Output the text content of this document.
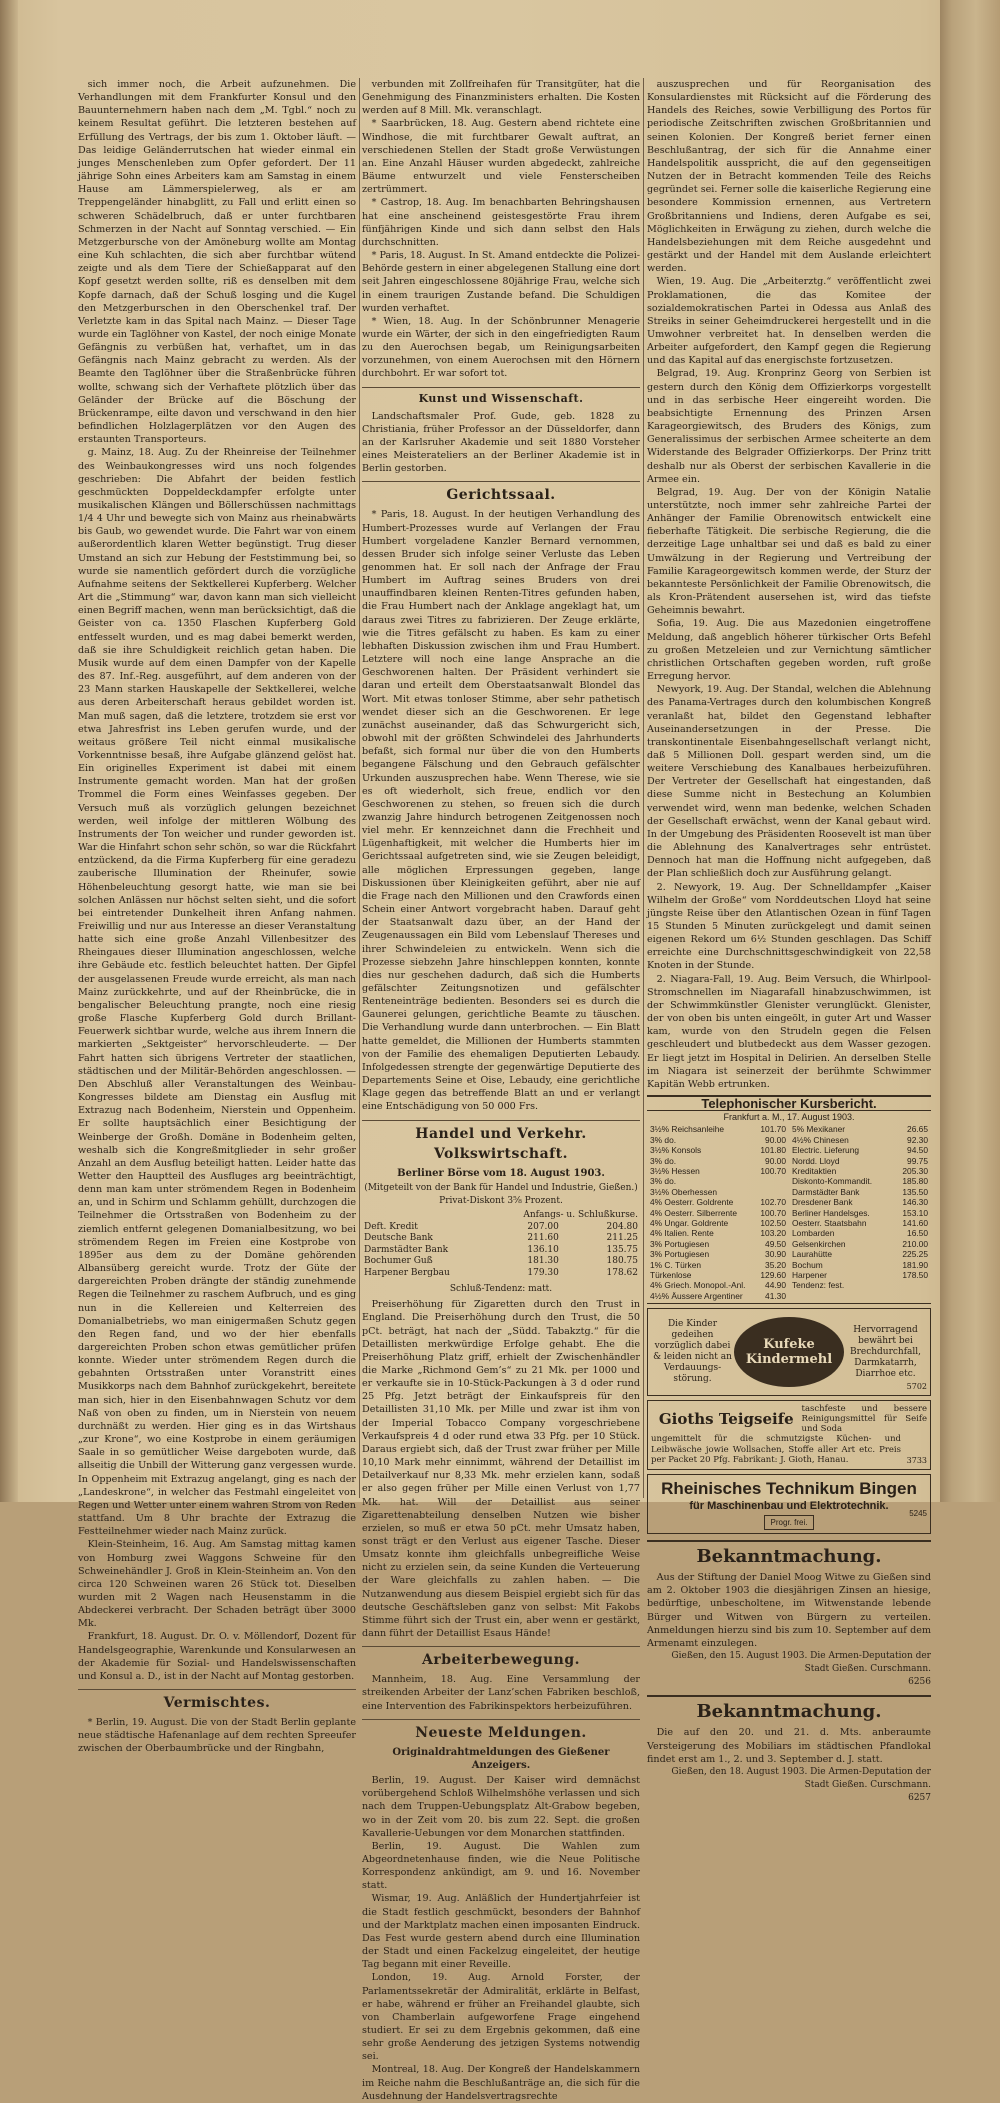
sich immer noch, die Arbeit aufzunehmen. Die Verhandlungen mit dem Frankfurter Konsul und den Bauunternehmern haben nach dem „M. Tgbl.“ noch zu keinem Resultat geführt. Die letzteren bestehen auf Erfüllung des Vertrags, der bis zum 1. Oktober läuft. — Das leidige Geländerrutschen hat wieder einmal ein junges Menschenleben zum Opfer gefordert. Der 11 jährige Sohn eines Arbeiters kam am Samstag in einem Hause am Lämmerspielerweg, als er am Treppengeländer hinabglitt, zu Fall und erlitt einen so schweren Schädelbruch, daß er unter furchtbaren Schmerzen in der Nacht auf Sonntag verschied. — Ein Metzgerbursche von der Amöneburg wollte am Montag eine Kuh schlachten, die sich aber furchtbar wütend zeigte und als dem Tiere der Schießapparat auf den Kopf gesetzt werden sollte, riß es denselben mit dem Kopfe darnach, daß der Schuß losging und die Kugel den Metzgerburschen in den Oberschenkel traf. Der Verletzte kam in das Spital nach Mainz. — Dieser Tage wurde ein Taglöhner von Kastel, der noch einige Monate Gefängnis zu verbüßen hat, verhaftet, um in das Gefängnis nach Mainz gebracht zu werden. Als der Beamte den Taglöhner über die Straßenbrücke führen wollte, schwang sich der Verhaftete plötzlich über das Geländer der Brücke auf die Böschung der Brückenrampe, eilte davon und verschwand in den hier befindlichen Holzlagerplätzen vor den Augen des erstaunten Transporteurs.

g. Mainz, 18. Aug. Zu der Rheinreise der Teilnehmer des Weinbaukongresses wird uns noch folgendes geschrieben: Die Abfahrt der beiden festlich geschmückten Doppeldeckdampfer erfolgte unter musikalischen Klängen und Böllerschüssen nachmittags 1/4 4 Uhr und bewegte sich von Mainz aus rheinabwärts bis Gaub, wo gewendet wurde. Die Fahrt war von einem außerordentlich klaren Wetter begünstigt. Trug dieser Umstand an sich zur Hebung der Feststimmung bei, so wurde sie namentlich gefördert durch die vorzügliche Aufnahme seitens der Sektkellerei Kupferberg. Welcher Art die „Stimmung“ war, davon kann man sich vielleicht einen Begriff machen, wenn man berücksichtigt, daß die Geister von ca. 1350 Flaschen Kupferberg Gold entfesselt wurden, und es mag dabei bemerkt werden, daß sie ihre Schuldigkeit reichlich getan haben. Die Musik wurde auf dem einen Dampfer von der Kapelle des 87. Inf.-Reg. ausgeführt, auf dem anderen von der 23 Mann starken Hauskapelle der Sektkellerei, welche aus deren Arbeiterschaft heraus gebildet worden ist. Man muß sagen, daß die letztere, trotzdem sie erst vor etwa Jahresfrist ins Leben gerufen wurde, und der weitaus größere Teil nicht einmal musikalische Vorkenntnisse besaß, ihre Aufgabe glänzend gelöst hat. Ein originelles Experiment ist dabei mit einem Instrumente gemacht worden. Man hat der großen Trommel die Form eines Weinfasses gegeben. Der Versuch muß als vorzüglich gelungen bezeichnet werden, weil infolge der mittleren Wölbung des Instruments der Ton weicher und runder geworden ist. War die Hinfahrt schon sehr schön, so war die Rückfahrt entzückend, da die Firma Kupferberg für eine geradezu zauberische Illumination der Rheinufer, sowie Höhenbeleuchtung gesorgt hatte, wie man sie bei solchen Anlässen nur höchst selten sieht, und die sofort bei eintretender Dunkelheit ihren Anfang nahmen. Freiwillig und nur aus Interesse an dieser Veranstaltung hatte sich eine große Anzahl Villenbesitzer des Rheingaues dieser Illumination angeschlossen, welche ihre Gebäude etc. festlich beleuchtet hatten. Der Gipfel der ausgelassenen Freude wurde erreicht, als man nach Mainz zurückkehrte, und auf der Rheinbrücke, die in bengalischer Beleuchtung prangte, noch eine riesig große Flasche Kupferberg Gold durch Brillant-Feuerwerk sichtbar wurde, welche aus ihrem Innern die markierten „Sektgeister“ hervorschleuderte. — Der Fahrt hatten sich übrigens Vertreter der staatlichen, städtischen und der Militär-Behörden angeschlossen. — Den Abschluß aller Veranstaltungen des Weinbau-Kongresses bildete am Dienstag ein Ausflug mit Extrazug nach Bodenheim, Nierstein und Oppenheim. Er sollte hauptsächlich einer Besichtigung der Weinberge der Großh. Domäne in Bodenheim gelten, weshalb sich die Kongreßmitglieder in sehr großer Anzahl an dem Ausflug beteiligt hatten. Leider hatte das Wetter den Hauptteil des Ausfluges arg beeinträchtigt, denn man kam unter strömendem Regen in Bodenheim an, und in Schirm und Schlamm gehüllt, durchzogen die Teilnehmer die Ortsstraßen von Bodenheim zu der ziemlich entfernt gelegenen Domanialbesitzung, wo bei strömendem Regen im Freien eine Kostprobe von 1895er aus dem zu der Domäne gehörenden Albansüberg gereicht wurde. Trotz der Güte der dargereichten Proben drängte der ständig zunehmende Regen die Teilnehmer zu raschem Aufbruch, und es ging nun in die Kellereien und Kelterreien des Domanialbetriebs, wo man einigermaßen Schutz gegen den Regen fand, und wo der hier ebenfalls dargereichten Proben schon etwas gemütlicher prüfen konnte. Wieder unter strömendem Regen durch die gebahnten Ortsstraßen unter Voranstritt eines Musikkorps nach dem Bahnhof zurückgekehrt, bereitete man sich, hier in den Eisenbahnwagen Schutz vor dem Naß von oben zu finden, um in Nierstein von neuem durchnäßt zu werden. Hier ging es in das Wirtshaus „zur Krone“, wo eine Kostprobe in einem geräumigen Saale in so gemütlicher Weise dargeboten wurde, daß allseitig die Unbill der Witterung ganz vergessen wurde. In Oppenheim mit Extrazug angelangt, ging es nach der „Landeskrone“, in welcher das Festmahl eingeleitet von Regen und Wetter unter einem wahren Strom von Reden stattfand. Um 8 Uhr brachte der Extrazug die Festteilnehmer wieder nach Mainz zurück.

Klein-Steinheim, 16. Aug. Am Samstag mittag kamen von Homburg zwei Waggons Schweine für den Schweinehändler J. Groß in Klein-Steinheim an. Von den circa 120 Schweinen waren 26 Stück tot. Dieselben wurden mit 2 Wagen nach Heusenstamm in die Abdeckerei verbracht. Der Schaden beträgt über 3000 Mk.

Frankfurt, 18. August. Dr. O. v. Möllendorf, Dozent für Handelsgeographie, Warenkunde und Konsularwesen an der Akademie für Sozial- und Handelswissenschaften und Konsul a. D., ist in der Nacht auf Montag gestorben.

Vermischtes.

* Berlin, 19. August. Die von der Stadt Berlin geplante neue städtische Hafenanlage auf dem rechten Spreeufer zwischen der Oberbaumbrücke und der Ringbahn,

verbunden mit Zollfreihafen für Transitgüter, hat die Genehmigung des Finanzministers erhalten. Die Kosten werden auf 8 Mill. Mk. veranschlagt.

* Saarbrücken, 18. Aug. Gestern abend richtete eine Windhose, die mit furchtbarer Gewalt auftrat, an verschiedenen Stellen der Stadt große Verwüstungen an. Eine Anzahl Häuser wurden abgedeckt, zahlreiche Bäume entwurzelt und viele Fensterscheiben zertrümmert.

* Castrop, 18. Aug. Im benachbarten Behringshausen hat eine anscheinend geistesgestörte Frau ihrem fünfjährigen Kinde und sich dann selbst den Hals durchschnitten.

* Paris, 18. August. In St. Amand entdeckte die Polizei-Behörde gestern in einer abgelegenen Stallung eine dort seit Jahren eingeschlossene 80jährige Frau, welche sich in einem traurigen Zustande befand. Die Schuldigen wurden verhaftet.

* Wien, 18. Aug. In der Schönbrunner Menagerie wurde ein Wärter, der sich in den eingefriedigten Raum zu den Auerochsen begab, um Reinigungsarbeiten vorzunehmen, von einem Auerochsen mit den Hörnern durchbohrt. Er war sofort tot.

Kunst und Wissenschaft.

Landschaftsmaler Prof. Gude, geb. 1828 zu Christiania, früher Professor an der Düsseldorfer, dann an der Karlsruher Akademie und seit 1880 Vorsteher eines Meisterateliers an der Berliner Akademie ist in Berlin gestorben.

Gerichtssaal.

* Paris, 18. August. In der heutigen Verhandlung des Humbert-Prozesses wurde auf Verlangen der Frau Humbert vorgeladene Kanzler Bernard vernommen, dessen Bruder sich infolge seiner Verluste das Leben genommen hat. Er soll nach der Anfrage der Frau Humbert im Auftrag seines Bruders von drei unauffindbaren kleinen Renten-Titres gefunden haben, die Frau Humbert nach der Anklage angeklagt hat, um daraus zwei Titres zu fabrizieren. Der Zeuge erklärte, wie die Titres gefälscht zu haben. Es kam zu einer lebhaften Diskussion zwischen ihm und Frau Humbert. Letztere will noch eine lange Ansprache an die Geschworenen halten. Der Präsident verhindert sie daran und erteilt dem Oberstaatsanwalt Blondel das Wort. Mit etwas tonloser Stimme, aber sehr pathetisch wendet dieser sich an die Geschworenen. Er lege zunächst auseinander, daß das Schwurgericht sich, obwohl mit der größten Schwindelei des Jahrhunderts befaßt, sich formal nur über die von den Humberts begangene Fälschung und den Gebrauch gefälschter Urkunden auszusprechen habe. Wenn Therese, wie sie es oft wiederholt, sich freue, endlich vor den Geschworenen zu stehen, so freuen sich die durch zwanzig Jahre hindurch betrogenen Zeitgenossen noch viel mehr. Er kennzeichnet dann die Frechheit und Lügenhaftigkeit, mit welcher die Humberts hier im Gerichtssaal aufgetreten sind, wie sie Zeugen beleidigt, alle möglichen Erpressungen gegeben, lange Diskussionen über Kleinigkeiten geführt, aber nie auf die Frage nach den Millionen und den Crawfords einen Schein einer Antwort vorgebracht haben. Darauf geht der Staatsanwalt dazu über, an der Hand der Zeugenaussagen ein Bild vom Lebenslauf Thereses und ihrer Schwindeleien zu entwickeln. Wenn sich die Prozesse siebzehn Jahre hinschleppen konnten, konnte dies nur geschehen dadurch, daß sich die Humberts gefälschter Zeitungsnotizen und gefälschter Renteneinträge bedienten. Besonders sei es durch die Gaunerei gelungen, gerichtliche Beamte zu täuschen. Die Verhandlung wurde dann unterbrochen. — Ein Blatt hatte gemeldet, die Millionen der Humberts stammten von der Familie des ehemaligen Deputierten Lebaudy. Infolgedessen strengte der gegenwärtige Deputierte des Departements Seine et Oise, Lebaudy, eine gerichtliche Klage gegen das betreffende Blatt an und er verlangt eine Entschädigung von 50 000 Frs.

Handel und Verkehr. Volkswirtschaft.
Berliner Börse vom 18. August 1903.
(Mitgeteilt von der Bank für Handel und Industrie, Gießen.) Privat-Diskont 3⅝ Prozent.
	Anfangs- u. Schlußkurse.	
Deft. Kredit	207.00	204.80
Deutsche Bank	211.60	211.25
Darmstädter Bank	136.10	135.75
Bochumer Guß	181.30	180.75
Harpener Bergbau	179.30	178.62
Schluß-Tendenz: matt.

Preiserhöhung für Zigaretten durch den Trust in England. Die Preiserhöhung durch den Trust, die 50 pCt. beträgt, hat nach der „Südd. Tabakztg.“ für die Detaillisten merkwürdige Erfolge gehabt. Ehe die Preiserhöhung Platz griff, erhielt der Zwischenhändler die Marke „Richmond Gem’s“ zu 21 Mk. per 1000 und er verkaufte sie in 10-Stück-Packungen à 3 d oder rund 25 Pfg. Jetzt beträgt der Einkaufspreis für den Detaillisten 31,10 Mk. per Mille und zwar ist ihm von der Imperial Tobacco Company vorgeschriebene Verkaufspreis 4 d oder rund etwa 33 Pfg. per 10 Stück. Daraus ergiebt sich, daß der Trust zwar früher per Mille 10,10 Mark mehr einnimmt, während der Detaillist im Detailverkauf nur 8,33 Mk. mehr erzielen kann, sodaß er also gegen früher per Mille einen Verlust von 1,77 Mk. hat. Will der Detaillist aus seiner Zigarettenabteilung denselben Nutzen wie bisher erzielen, so muß er etwa 50 pCt. mehr Umsatz haben, sonst trägt er den Verlust aus eigener Tasche. Dieser Umsatz konnte ihm gleichfalls unbegreifliche Weise nicht zu erzielen sein, da seine Kunden die Verteuerung der Ware gleichfalls zu zahlen haben. — Die Nutzanwendung aus diesem Beispiel ergiebt sich für das deutsche Geschäftsleben ganz von selbst: Mit Fakobs Stimme führt sich der Trust ein, aber wenn er gestärkt, dann führt der Detaillist Esaus Hände!

Arbeiterbewegung.

Mannheim, 18. Aug. Eine Versammlung der streikenden Arbeiter der Lanz’schen Fabriken beschloß, eine Intervention des Fabrikinspektors herbeizuführen.

Neueste Meldungen.
Originaldrahtmeldungen des Gießener Anzeigers.

Berlin, 19. August. Der Kaiser wird demnächst vorübergehend Schloß Wilhelmshöhe verlassen und sich nach dem Truppen-Uebungsplatz Alt-Grabow begeben, wo in der Zeit vom 20. bis zum 22. Sept. die großen Kavallerie-Uebungen vor dem Monarchen stattfinden.

Berlin, 19. August. Die Wahlen zum Abgeordnetenhause finden, wie die Neue Politische Korrespondenz ankündigt, am 9. und 16. November statt.

Wismar, 19. Aug. Anläßlich der Hundertjahrfeier ist die Stadt festlich geschmückt, besonders der Bahnhof und der Marktplatz machen einen imposanten Eindruck. Das Fest wurde gestern abend durch eine Illumination der Stadt und einen Fackelzug eingeleitet, der heutige Tag begann mit einer Reveille.

London, 19. Aug. Arnold Forster, der Parlamentssekretär der Admiralität, erklärte in Belfast, er habe, während er früher an Freihandel glaubte, sich von Chamberlain aufgeworfene Frage eingehend studiert. Er sei zu dem Ergebnis gekommen, daß eine sehr große Aenderung des jetzigen Systems notwendig sei.

Montreal, 18. Aug. Der Kongreß der Handelskammern im Reiche nahm die Beschlußanträge an, die sich für die Ausdehnung der Handelsvertragsrechte

auszusprechen und für Reorganisation des Konsulardienstes mit Rücksicht auf die Förderung des Handels des Reiches, sowie Verbilligung des Portos für periodische Zeitschriften zwischen Großbritannien und seinen Kolonien. Der Kongreß beriet ferner einen Beschlußantrag, der sich für die Annahme einer Handelspolitik ausspricht, die auf den gegenseitigen Nutzen der in Betracht kommenden Teile des Reichs gegründet sei. Ferner solle die kaiserliche Regierung eine besondere Kommission ernennen, aus Vertretern Großbritanniens und Indiens, deren Aufgabe es sei, Möglichkeiten in Erwägung zu ziehen, durch welche die Handelsbeziehungen mit dem Reiche ausgedehnt und gestärkt und der Handel mit dem Auslande erleichtert werden.

Wien, 19. Aug. Die „Arbeiterztg.“ veröffentlicht zwei Proklamationen, die das Komitee der sozialdemokratischen Partei in Odessa aus Anlaß des Streiks in seiner Geheimdruckerei hergestellt und in die Umwohner verbreitet hat. In denselben werden die Arbeiter aufgefordert, den Kampf gegen die Regierung und das Kapital auf das energischste fortzusetzen.

Belgrad, 19. Aug. Kronprinz Georg von Serbien ist gestern durch den König dem Offizierkorps vorgestellt und in das serbische Heer eingereiht worden. Die beabsichtigte Ernennung des Prinzen Arsen Karageorgiewitsch, des Bruders des Königs, zum Generalissimus der serbischen Armee scheiterte an dem Widerstande des Belgrader Offizierkorps. Der Prinz tritt deshalb nur als Oberst der serbischen Kavallerie in die Armee ein.

Belgrad, 19. Aug. Der von der Königin Natalie unterstützte, noch immer sehr zahlreiche Partei der Anhänger der Familie Obrenowitsch entwickelt eine fieberhafte Tätigkeit. Die serbische Regierung, die die derzeitige Lage unhaltbar sei und daß es bald zu einer Umwälzung in der Regierung und Vertreibung der Familie Karageorgewitsch kommen werde, der Sturz der bekannteste Persönlichkeit der Familie Obrenowitsch, die als Kron-Prätendent ausersehen ist, wird das tiefste Geheimnis bewahrt.

Sofia, 19. Aug. Die aus Mazedonien eingetroffene Meldung, daß angeblich höherer türkischer Orts Befehl zu großen Metzeleien und zur Vernichtung sämtlicher christlichen Ortschaften gegeben worden, ruft große Erregung hervor.

Newyork, 19. Aug. Der Standal, welchen die Ablehnung des Panama-Vertrages durch den kolumbischen Kongreß veranlaßt hat, bildet den Gegenstand lebhafter Auseinandersetzungen in der Presse. Die transkontinentale Eisenbahngesellschaft verlangt nicht, daß 5 Millionen Doll. gespart werden sind, um die weitere Verschiebung des Kanalbaues herbeizuführen. Der Vertreter der Gesellschaft hat eingestanden, daß diese Summe nicht in Bestechung an Kolumbien verwendet wird, wenn man bedenke, welchen Schaden der Gesellschaft erwächst, wenn der Kanal gebaut wird. In der Umgebung des Präsidenten Roosevelt ist man über die Ablehnung des Kanalvertrages sehr entrüstet. Dennoch hat man die Hoffnung nicht aufgegeben, daß der Plan schließlich doch zur Ausführung gelangt.

2. Newyork, 19. Aug. Der Schnelldampfer „Kaiser Wilhelm der Große“ vom Norddeutschen Lloyd hat seine jüngste Reise über den Atlantischen Ozean in fünf Tagen 15 Stunden 5 Minuten zurückgelegt und damit seinen eigenen Rekord um 6½ Stunden geschlagen. Das Schiff erreichte eine Durchschnittsgeschwindigkeit von 22,58 Knoten in der Stunde.

2. Niagara-Fall, 19. Aug. Beim Versuch, die Whirlpool-Stromschnellen im Niagarafall hinabzuschwimmen, ist der Schwimmkünstler Glenister verunglückt. Glenister, der von oben bis unten eingeölt, in guter Art und Wasser kam, wurde von den Strudeln gegen die Felsen geschleudert und blutbedeckt aus dem Wasser gezogen. Er liegt jetzt im Hospital in Delirien. An derselben Stelle im Niagara ist seinerzeit der berühmte Schwimmer Kapitän Webb ertrunken.

Telephonischer Kursbericht.
Frankfurt a. M., 17. August 1903.
3½% Reichsanleihe	101.70
3% do.	90.00
3½% Konsols	101.80
3% do.	90.00
3½% Hessen	100.70
3% do.
3½% Oberhessen
4% Oesterr. Goldrente	102.70
4% Oesterr. Silberrente	100.70
4% Ungar. Goldrente	102.50
4% Italien. Rente	103.20
3% Portugiesen	49.50
3% Portugiesen	30.90
1% C. Türken	35.20
Türkenlose	129.60
4% Griech. Monopol.-Anl. 44.90
4½% Äussere Argentiner	41.30
5% Mexikaner	26.65
4½% Chinesen	92.30
Electric. Lieferung	94.50
Nordd. Lloyd	99.75
Kreditaktien	205.30
Diskonto-Kommandit.	185.80
Darmstädter Bank	135.50
Dresdener Bank	146.30
Berliner Handelsges.	153.10
Oesterr. Staatsbahn	141.60
Lombarden	16.50
Gelsenkirchen	210.00
Laurahütte	225.25
Bochum	181.90
Harpener	178.50
Tendenz: fest.
Die Kinder gedeihen vorzüglich dabei & leiden nicht an Verdauungs-störung.
Kufeke Kindermehl
Hervorragend bewährt bei Brechdurchfall, Darmkatarrh, Diarrhoe etc.
5702
Gioths Teigseife
taschfeste und bessere Reinigungsmittel für Seife und Soda
ungemittelt für die schmutzigste Küchen- und Leibwäsche jowie Wollsachen, Stoffe aller Art etc. Preis per Packet 20 Pfg. Fabrikant: J. Gioth, Hanau.	3733
Rheinisches Technikum Bingen
für Maschinenbau und Elektrotechnik.
Progr. frei.
5245
Bekanntmachung.

Aus der Stiftung der Daniel Moog Witwe zu Gießen sind am 2. Oktober 1903 die diesjährigen Zinsen an hiesige, bedürftige, unbescholtene, im Witwenstande lebende Bürger und Witwen von Bürgern zu verteilen. Anmeldungen hierzu sind bis zum 10. September auf dem Armenamt einzulegen.

Gießen, den 15. August 1903. Die Armen-Deputation der Stadt Gießen. Curschmann.
6256
Bekanntmachung.

Die auf den 20. und 21. d. Mts. anberaumte Versteigerung des Mobiliars im städtischen Pfandlokal findet erst am 1., 2. und 3. September d. J. statt.

Gießen, den 18. August 1903. Die Armen-Deputation der Stadt Gießen. Curschmann.
6257
